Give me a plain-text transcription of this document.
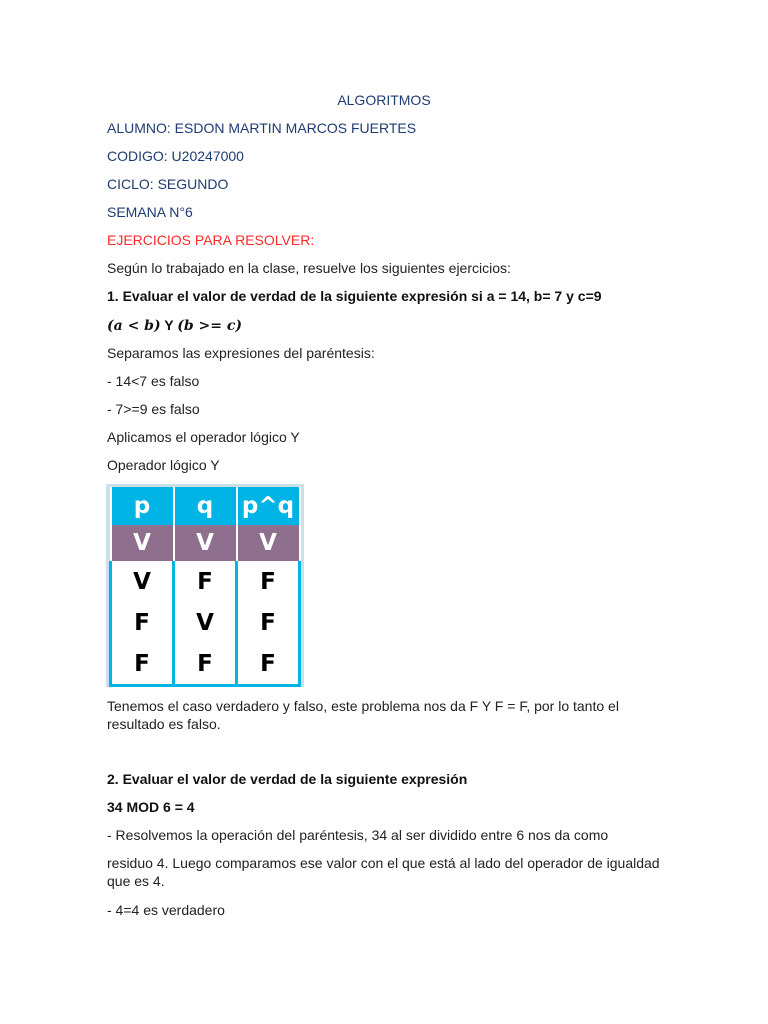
ALGORITMOS
ALUMNO: ESDON MARTIN MARCOS FUERTES
CODIGO: U20247000
CICLO: SEGUNDO
SEMANA N°6
EJERCICIOS PARA RESOLVER:
Según lo trabajado en la clase, resuelve los siguientes ejercicios:
1. Evaluar el valor de verdad de la siguiente expresión si a = 14, b= 7 y c=9
(a < b) Y (b >= c)
Separamos las expresiones del paréntesis:
- 14<7 es falso
- 7>=9 es falso
Aplicamos el operador lógico Y
Operador lógico Y
p	q	p^q
V	V	V
V	F	F
F	V	F
F	F	F
Tenemos el caso verdadero y falso, este problema nos da F Y F = F, por lo tanto el resultado es falso.
2. Evaluar el valor de verdad de la siguiente expresión
34 MOD 6 = 4
- Resolvemos la operación del paréntesis, 34 al ser dividido entre 6 nos da como
residuo 4. Luego comparamos ese valor con el que está al lado del operador de igualdad que es 4.
- 4=4 es verdadero
